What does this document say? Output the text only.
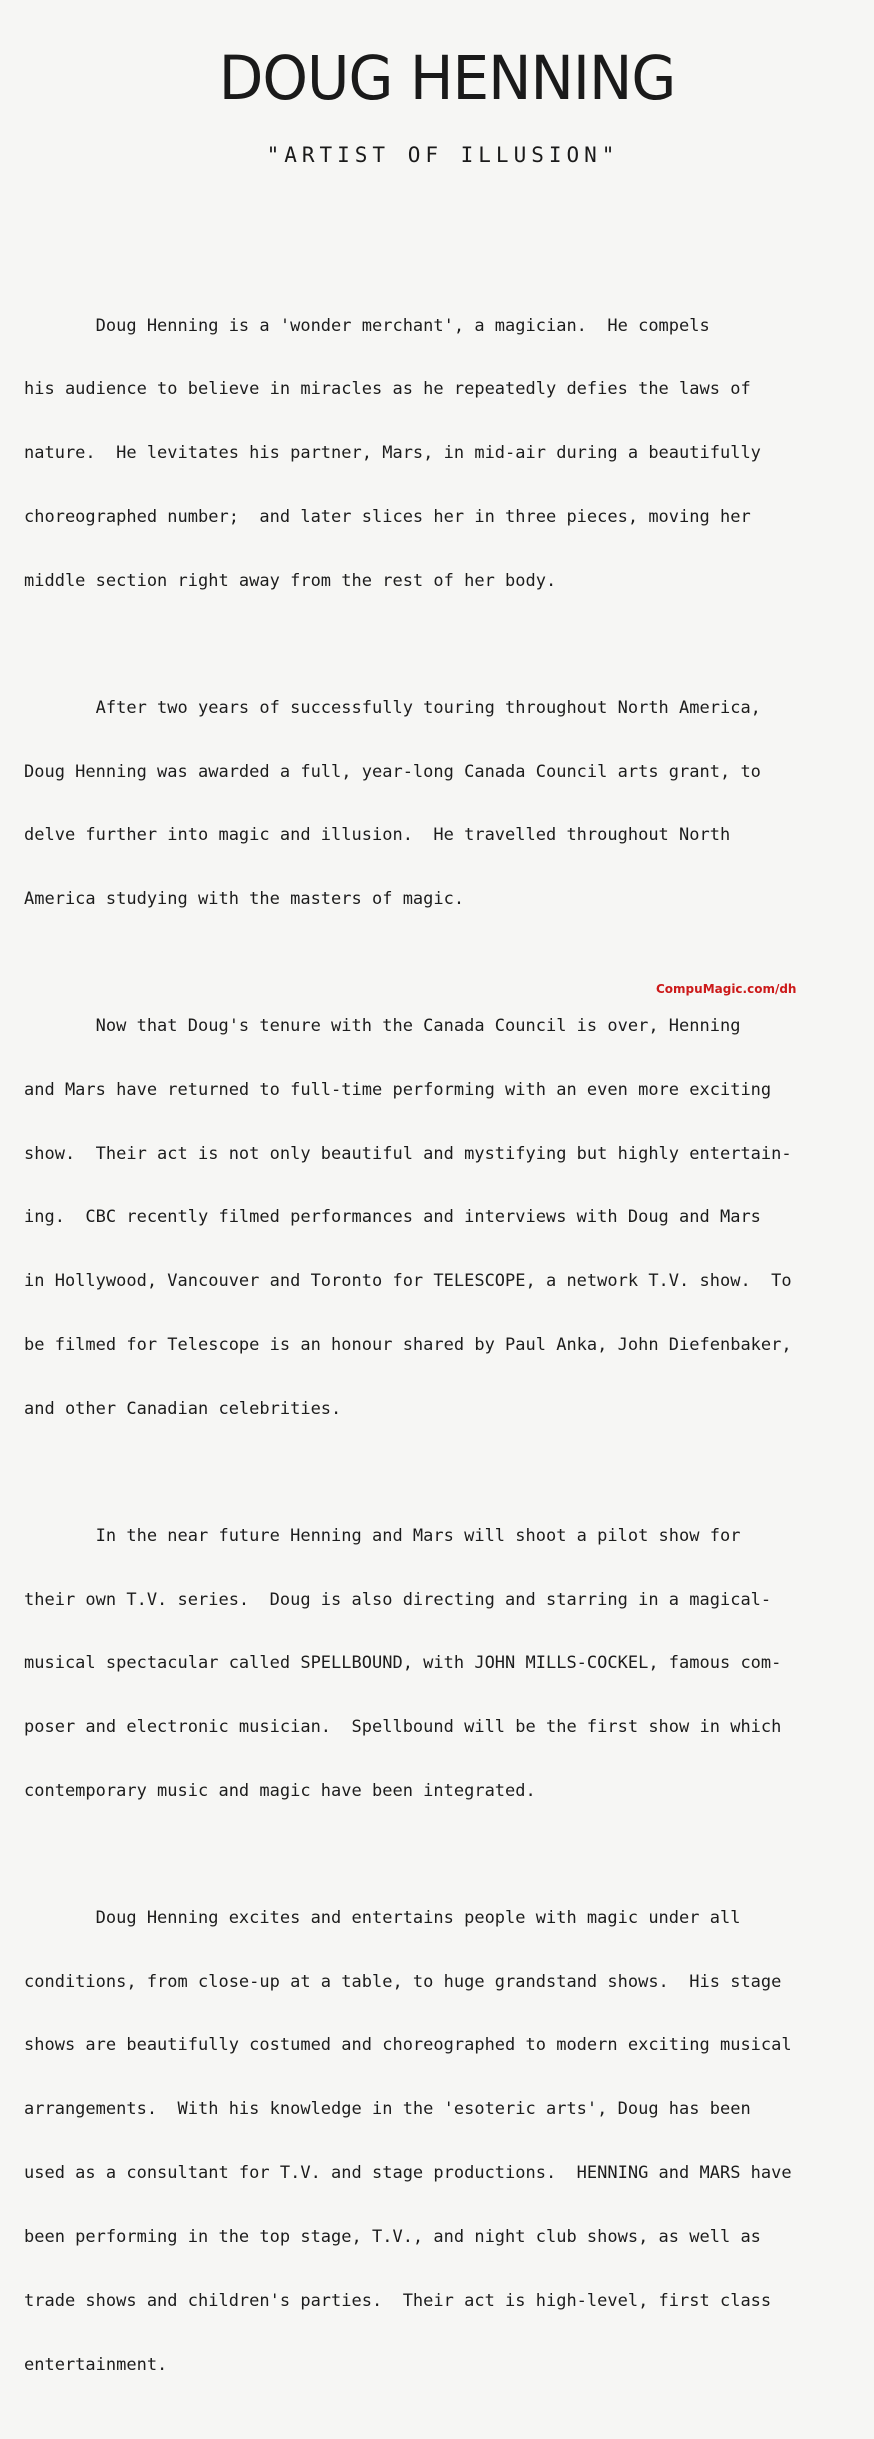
DOUG HENNING
"ARTIST OF ILLUSION"

Doug Henning is a 'wonder merchant', a magician.  He compels

his audience to believe in miracles as he repeatedly defies the laws of

nature.  He levitates his partner, Mars, in mid-air during a beautifully

choreographed number;  and later slices her in three pieces, moving her

middle section right away from the rest of her body.

After two years of successfully touring throughout North America,

Doug Henning was awarded a full, year-long Canada Council arts grant, to

delve further into magic and illusion.  He travelled throughout North

America studying with the masters of magic.

Now that Doug's tenure with the Canada Council is over, Henning

and Mars have returned to full-time performing with an even more exciting

show.  Their act is not only beautiful and mystifying but highly entertain-

ing.  CBC recently filmed performances and interviews with Doug and Mars

in Hollywood, Vancouver and Toronto for TELESCOPE, a network T.V. show.  To

be filmed for Telescope is an honour shared by Paul Anka, John Diefenbaker,

and other Canadian celebrities.

In the near future Henning and Mars will shoot a pilot show for

their own T.V. series.  Doug is also directing and starring in a magical-

musical spectacular called SPELLBOUND, with JOHN MILLS-COCKEL, famous com-

poser and electronic musician.  Spellbound will be the first show in which

contemporary music and magic have been integrated.

Doug Henning excites and entertains people with magic under all

conditions, from close-up at a table, to huge grandstand shows.  His stage

shows are beautifully costumed and choreographed to modern exciting musical

arrangements.  With his knowledge in the 'esoteric arts', Doug has been

used as a consultant for T.V. and stage productions.  HENNING and MARS have

been performing in the top stage, T.V., and night club shows, as well as

trade shows and children's parties.  Their act is high-level, first class

entertainment.

CompuMagic.com/dh
